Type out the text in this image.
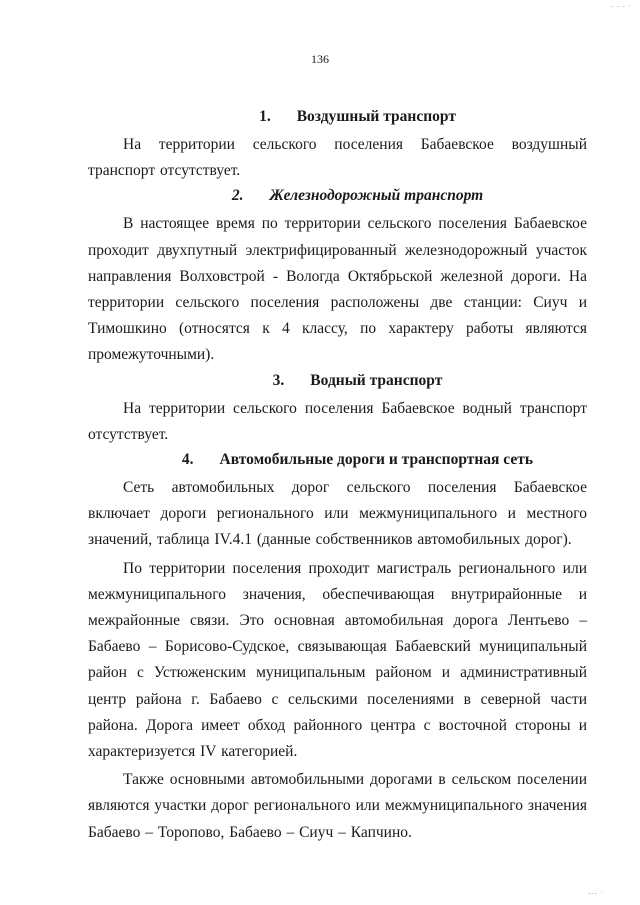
‐ ‐ ‐ ·
136
1. Воздушный транспорт

На территории сельского поселения Бабаевское воздушный транспорт отсутствует.

2. Железнодорожный транспорт

В настоящее время по территории сельского поселения Бабаевское проходит двухпутный электрифицированный железнодорожный участок направления Волховстрой - Вологда Октябрьской железной дороги. На территории сельского поселения расположены две станции: Сиуч и Тимошкино (относятся к 4 классу, по характеру работы являются промежуточными).

3. Водный транспорт

На территории сельского поселения Бабаевское водный транспорт отсутствует.

4. Автомобильные дороги и транспортная сеть

Сеть автомобильных дорог сельского поселения Бабаевское включает дороги регионального или межмуниципального и местного значений, таблица IV.4.1 (данные собственников автомобильных дорог).

По территории поселения проходит магистраль регионального или межмуниципального значения, обеспечивающая внутрирайонные и межрайонные связи. Это основная автомобильная дорога Лентьево – Бабаево – Борисово-Судское, связывающая Бабаевский муниципальный район с Устюженским муниципальным районом и административный центр района г. Бабаево с сельскими поселениями в северной части района. Дорога имеет обход районного центра с восточной стороны и характеризуется IV категорией.

Также основными автомобильными дорогами в сельском поселении являются участки дорог регионального или межмуниципального значения Бабаево – Торопово, Бабаево – Сиуч – Капчино.

‐‐‐ ·
